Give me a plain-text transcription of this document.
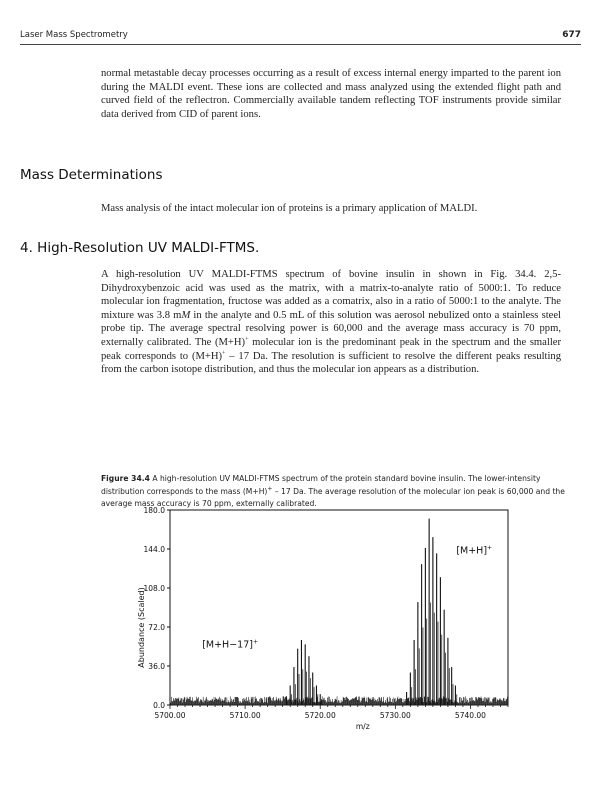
Laser Mass Spectrometry	677

normal metastable decay processes occurring as a result of excess internal energy imparted to the parent ion during the MALDI event. These ions are collected and mass analyzed using the extended flight path and curved field of the reflectron. Commercially available tandem reflecting TOF instruments provide similar data derived from CID of parent ions.

Mass Determinations

Mass analysis of the intact molecular ion of proteins is a primary application of MALDI.

4. High-Resolution UV MALDI-FTMS.

A high-resolution UV MALDI-FTMS spectrum of bovine insulin in shown in Fig. 34.4. 2,5-Dihydroxybenzoic acid was used as the matrix, with a matrix-to-analyte ratio of 5000:1. To reduce molecular ion fragmentation, fructose was added as a comatrix, also in a ratio of 5000:1 to the analyte. The mixture was 3.8 mM in the analyte and 0.5 mL of this solution was aerosol nebulized onto a stainless steel probe tip. The average spectral resolving power is 60,000 and the average mass accuracy is 70 ppm, externally calibrated. The (M+H)+ molecular ion is the predominant peak in the spectrum and the smaller peak corresponds to (M+H)+ – 17 Da. The resolution is sufficient to resolve the different peaks resulting from the carbon isotope distribution, and thus the molecular ion appears as a distribution.

Figure 34.4 A high-resolution UV MALDI-FTMS spectrum of the protein standard bovine insulin. The lower-intensity distribution corresponds to the mass (M+H)+ – 17 Da. The average resolution of the molecular ion peak is 60,000 and the average mass accuracy is 70 ppm, externally calibrated.
Abundance (Scaled)
0.0
36.0
72.0
108.0
144.0
180.0
5700.00	5710.00	5720.00	5730.00	5740.00
m/z
[M+H]+
[M+H−17]+
